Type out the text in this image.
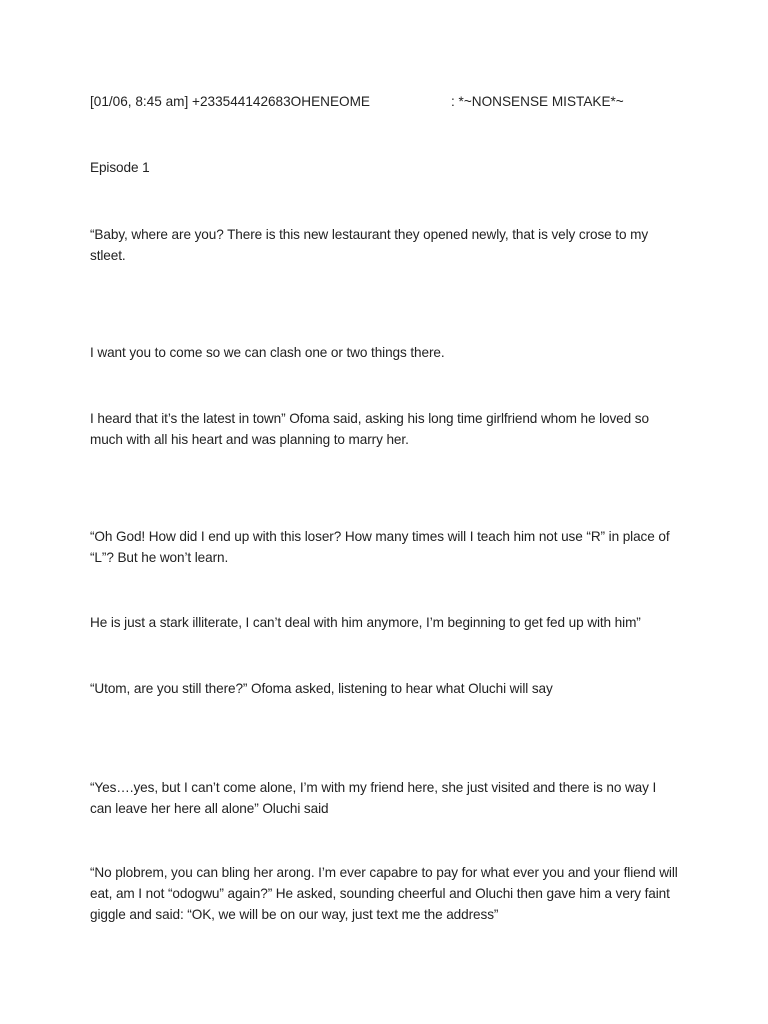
[01/06, 8:45 am] +233544142683OHENEOME	: *~NONSENSE MISTAKE*~

Episode 1

“Baby, where are you? There is this new lestaurant they opened newly, that is vely crose to my stleet.

I want you to come so we can clash one or two things there.

I heard that it’s the latest in town” Ofoma said, asking his long time girlfriend whom he loved so much with all his heart and was planning to marry her.

“Oh God! How did I end up with this loser? How many times will I teach him not use “R” in place of “L”? But he won’t learn.

He is just a stark illiterate, I can’t deal with him anymore, I’m beginning to get fed up with him”

“Utom, are you still there?” Ofoma asked, listening to hear what Oluchi will say

“Yes….yes, but I can’t come alone, I’m with my friend here, she just visited and there is no way I can leave her here all alone” Oluchi said

“No plobrem, you can bling her arong. I’m ever capabre to pay for what ever you and your fliend will eat, am I not “odogwu” again?” He asked, sounding cheerful and Oluchi then gave him a very faint giggle and said: “OK, we will be on our way, just text me the address”
